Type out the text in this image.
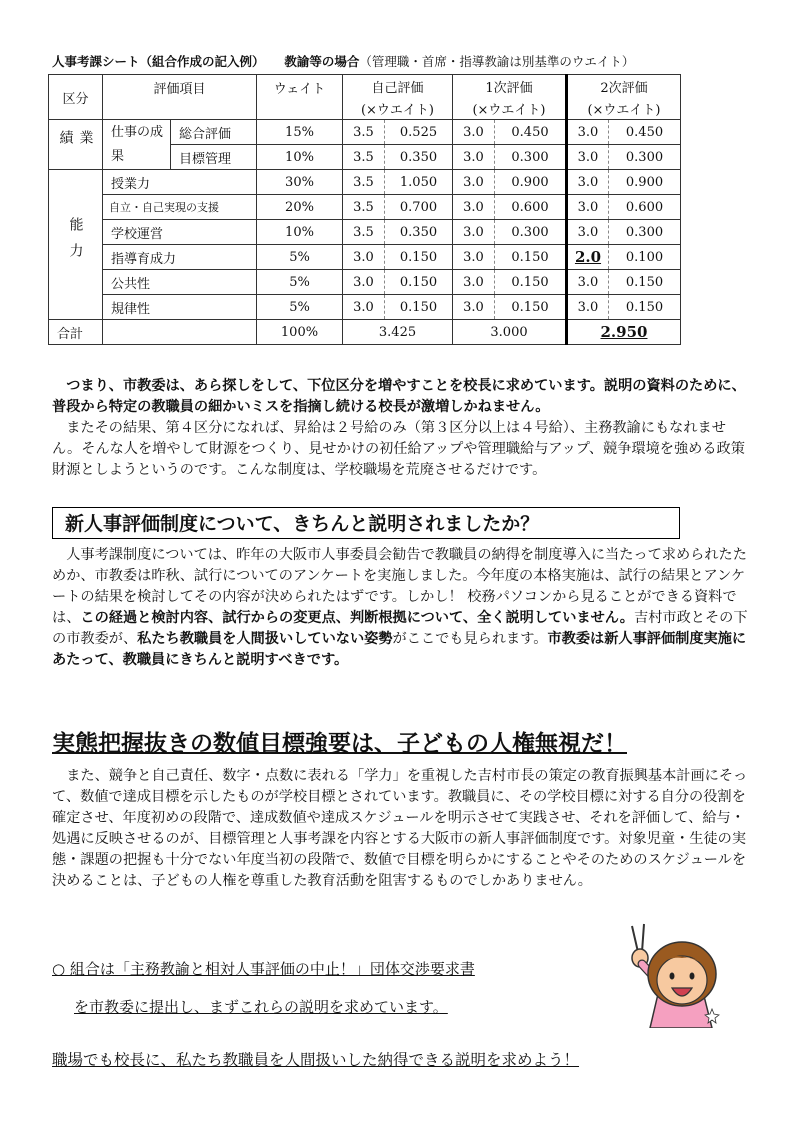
人事考課シート（組合作成の記入例） 教諭等の場合（管理職・首席・指導教諭は別基準のウエイト）
区分	評価項目		ウェイト	自己評価		1次評価		2次評価	
				(×ウエイト)		(×ウエイト)		(×ウエイト)	
業績	仕事の成果	総合評価	15%	3.5	0.525	3.0	0.450	3.0	0.450
		目標管理	10%	3.5	0.350	3.0	0.300	3.0	0.300
能力	授業力		30%	3.5	1.050	3.0	0.900	3.0	0.900
	自立・自己実現の支援		20%	3.5	0.700	3.0	0.600	3.0	0.600
	学校運営		10%	3.5	0.350	3.0	0.300	3.0	0.300
	指導育成力		5%	3.0	0.150	3.0	0.150	2.0	0.100
	公共性		5%	3.0	0.150	3.0	0.150	3.0	0.150
	規律性		5%	3.0	0.150	3.0	0.150	3.0	0.150
合計			100%	3.425		3.000		2.950	

つまり、市教委は、あら探しをして、下位区分を増やすことを校長に求めています。説明の資料のために、普段から特定の教職員の細かいミスを指摘し続ける校長が激増しかねません。

またその結果、第４区分になれば、昇給は２号給のみ（第３区分以上は４号給）、主務教諭にもなれません。そんな人を増やして財源をつくり、見せかけの初任給アップや管理職給与アップ、競争環境を強める政策財源としようというのです。こんな制度は、学校職場を荒廃させるだけです。

新人事評価制度について、きちんと説明されましたか？

人事考課制度については、昨年の大阪市人事委員会勧告で教職員の納得を制度導入に当たって求められたためか、市教委は昨秋、試行についてのアンケートを実施しました。今年度の本格実施は、試行の結果とアンケートの結果を検討してその内容が決められたはずです。しかし！ 校務パソコンから見ることができる資料では、この経過と検討内容、試行からの変更点、判断根拠について、全く説明していません。吉村市政とその下の市教委が、私たち教職員を人間扱いしていない姿勢がここでも見られます。市教委は新人事評価制度実施にあたって、教職員にきちんと説明すべきです。

実態把握抜きの数値目標強要は、子どもの人権無視だ！

また、競争と自己責任、数字・点数に表れる「学力」を重視した吉村市長の策定の教育振興基本計画にそって、数値で達成目標を示したものが学校目標とされています。教職員に、その学校目標に対する自分の役割を確定させ、年度初めの段階で、達成数値や達成スケジュールを明示させて実践させ、それを評価して、給与・処遇に反映させるのが、目標管理と人事考課を内容とする大阪市の新人事評価制度です。対象児童・生徒の実態・課題の把握も十分でない年度当初の段階で、数値で目標を明らかにすることやそのためのスケジュールを決めることは、子どもの人権を尊重した教育活動を阻害するものでしかありません。

○ 組合は「主務教諭と相対人事評価の中止！」団体交渉要求書
を市教委に提出し、まずこれらの説明を求めています。
職場でも校長に、私たち教職員を人間扱いした納得できる説明を求めよう！
